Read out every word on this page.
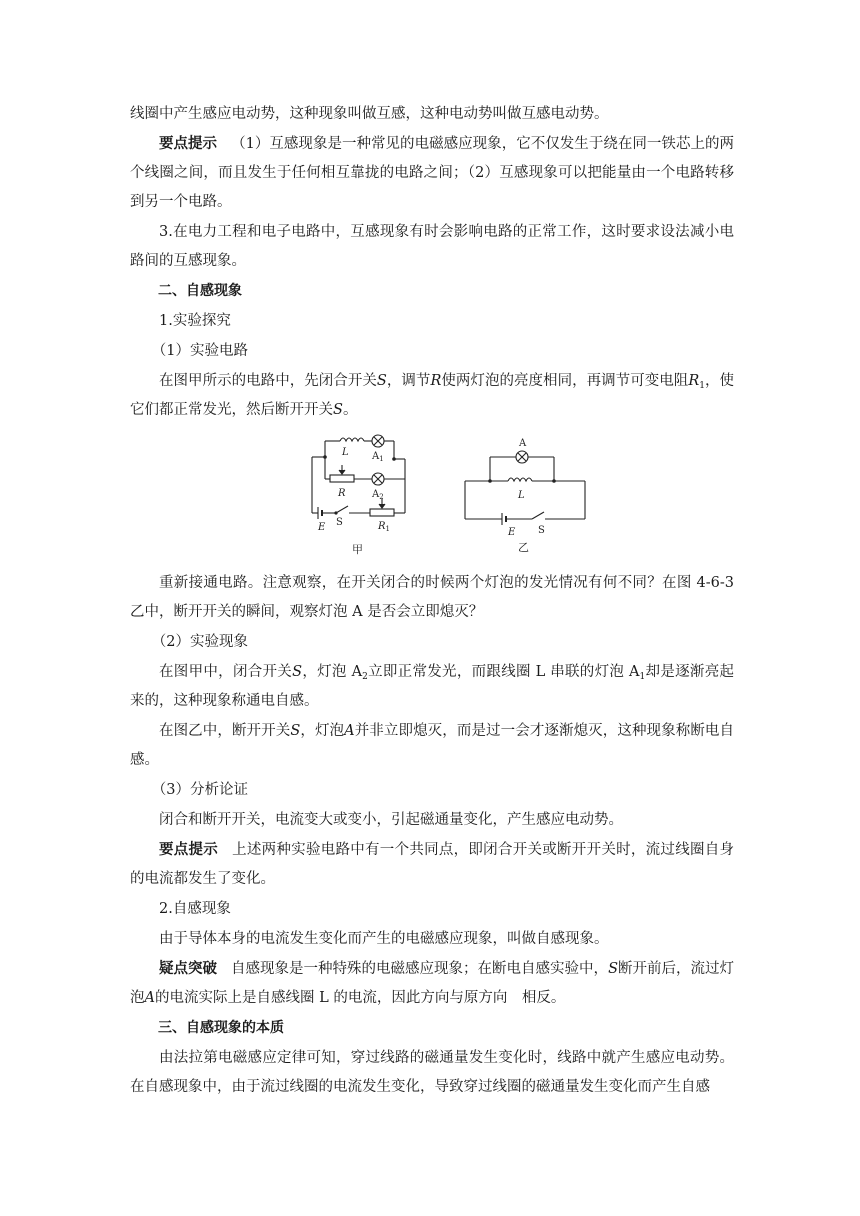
线圈中产生感应电动势，这种现象叫做互感，这种电动势叫做互感电动势。

要点提示 （1）互感现象是一种常见的电磁感应现象，它不仅发生于绕在同一铁芯上的两个线圈之间，而且发生于任何相互靠拢的电路之间；（2）互感现象可以把能量由一个电路转移到另一个电路。

3.在电力工程和电子电路中，互感现象有时会影响电路的正常工作，这时要求设法减小电路间的互感现象。

二、自感现象

1.实验探究

（1）实验电路

在图甲所示的电路中，先闭合开关S，调节R使两灯泡的亮度相同，再调节可变电阻$R_1$，使它们都正常发光，然后断开开关S。

L $A_1$
R	$A_2$
E S	$R_1$
甲
A
L
E S
乙

重新接通电路。注意观察，在开关闭合的时候两个灯泡的发光情况有何不同？在图 4-6-3 乙中，断开开关的瞬间，观察灯泡 A 是否会立即熄灭？

（2）实验现象

在图甲中，闭合开关S，灯泡 $A_2$立即正常发光，而跟线圈 L 串联的灯泡 $A_1$却是逐渐亮起来的，这种现象称通电自感。

在图乙中，断开开关S，灯泡A并非立即熄灭，而是过一会才逐渐熄灭，这种现象称断电自感。

（3）分析论证

闭合和断开开关，电流变大或变小，引起磁通量变化，产生感应电动势。

要点提示 上述两种实验电路中有一个共同点，即闭合开关或断开开关时，流过线圈自身的电流都发生了变化。

2.自感现象

由于导体本身的电流发生变化而产生的电磁感应现象，叫做自感现象。

疑点突破 自感现象是一种特殊的电磁感应现象；在断电自感实验中，S断开前后，流过灯泡A的电流实际上是自感线圈 L 的电流，因此方向与原方向　相反。

三、自感现象的本质

由法拉第电磁感应定律可知，穿过线路的磁通量发生变化时，线路中就产生感应电动势。在自感现象中，由于流过线圈的电流发生变化，导致穿过线圈的磁通量发生变化而产生自感
